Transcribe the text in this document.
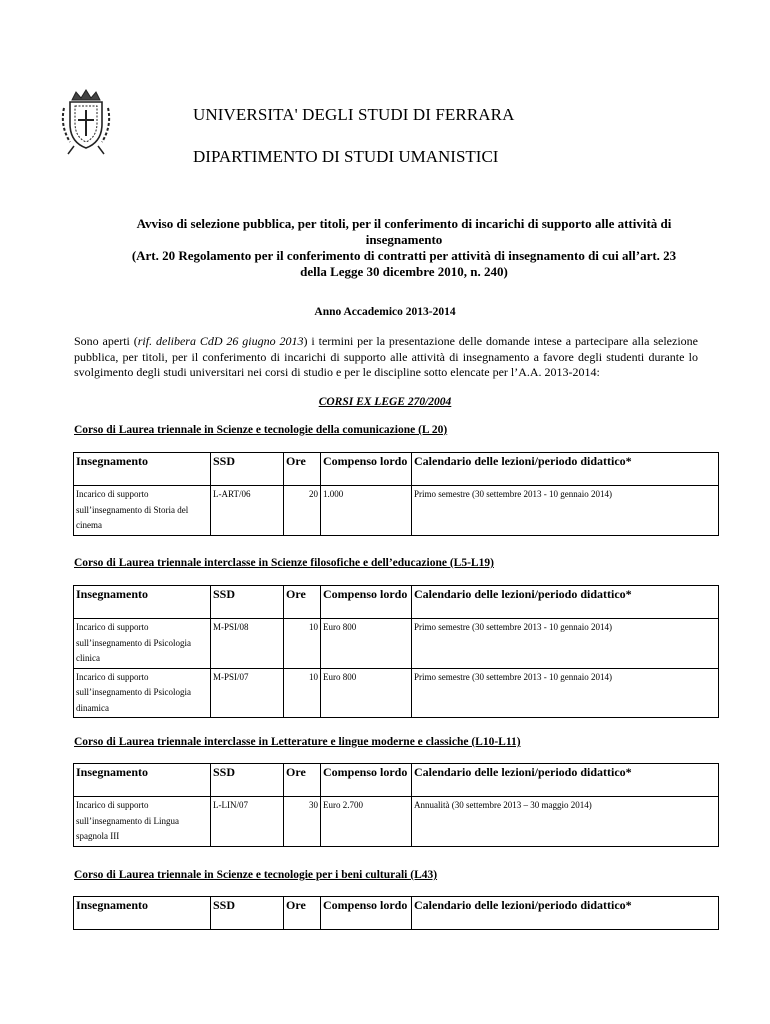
UNIVERSITA' DEGLI STUDI DI FERRARA
DIPARTIMENTO DI STUDI UMANISTICI
Avviso di selezione pubblica, per titoli, per il conferimento di incarichi di supporto alle attività di
insegnamento
(Art. 20 Regolamento per il conferimento di contratti per attività di insegnamento di cui all’art. 23
della Legge 30 dicembre 2010, n. 240)
Anno Accademico 2013-2014
Sono aperti (rif. delibera CdD 26 giugno 2013) i termini per la presentazione delle domande intese a partecipare alla selezione pubblica, per titoli, per il conferimento di incarichi di supporto alle attività di insegnamento a favore degli studenti durante lo svolgimento degli studi universitari nei corsi di studio e per le discipline sotto elencate per l’A.A. 2013-2014:
CORSI EX LEGE 270/2004
Corso di Laurea triennale in Scienze e tecnologie della comunicazione (L 20)
Insegnamento	SSD	Ore	Compenso lordo	Calendario delle lezioni/periodo didattico*
Incarico di supporto sull’insegnamento di Storia del cinema	L-ART/06	20	1.000	Primo semestre (30 settembre 2013 - 10 gennaio 2014)
Corso di Laurea triennale interclasse in Scienze filosofiche e dell’educazione (L5-L19)
Insegnamento	SSD	Ore	Compenso lordo	Calendario delle lezioni/periodo didattico*
Incarico di supporto sull’insegnamento di Psicologia clinica	M-PSI/08	10	Euro 800	Primo semestre (30 settembre 2013 - 10 gennaio 2014)
Incarico di supporto sull’insegnamento di Psicologia dinamica	M-PSI/07	10	Euro 800	Primo semestre (30 settembre 2013 - 10 gennaio 2014)
Corso di Laurea triennale interclasse in Letterature e lingue moderne e classiche (L10-L11)
Insegnamento	SSD	Ore	Compenso lordo	Calendario delle lezioni/periodo didattico*
Incarico di supporto sull’insegnamento di Lingua spagnola III	L-LIN/07	30	Euro 2.700	Annualità (30 settembre 2013 – 30 maggio 2014)
Corso di Laurea triennale in Scienze e tecnologie per i beni culturali (L43)
Insegnamento	SSD	Ore	Compenso lordo	Calendario delle lezioni/periodo didattico*
